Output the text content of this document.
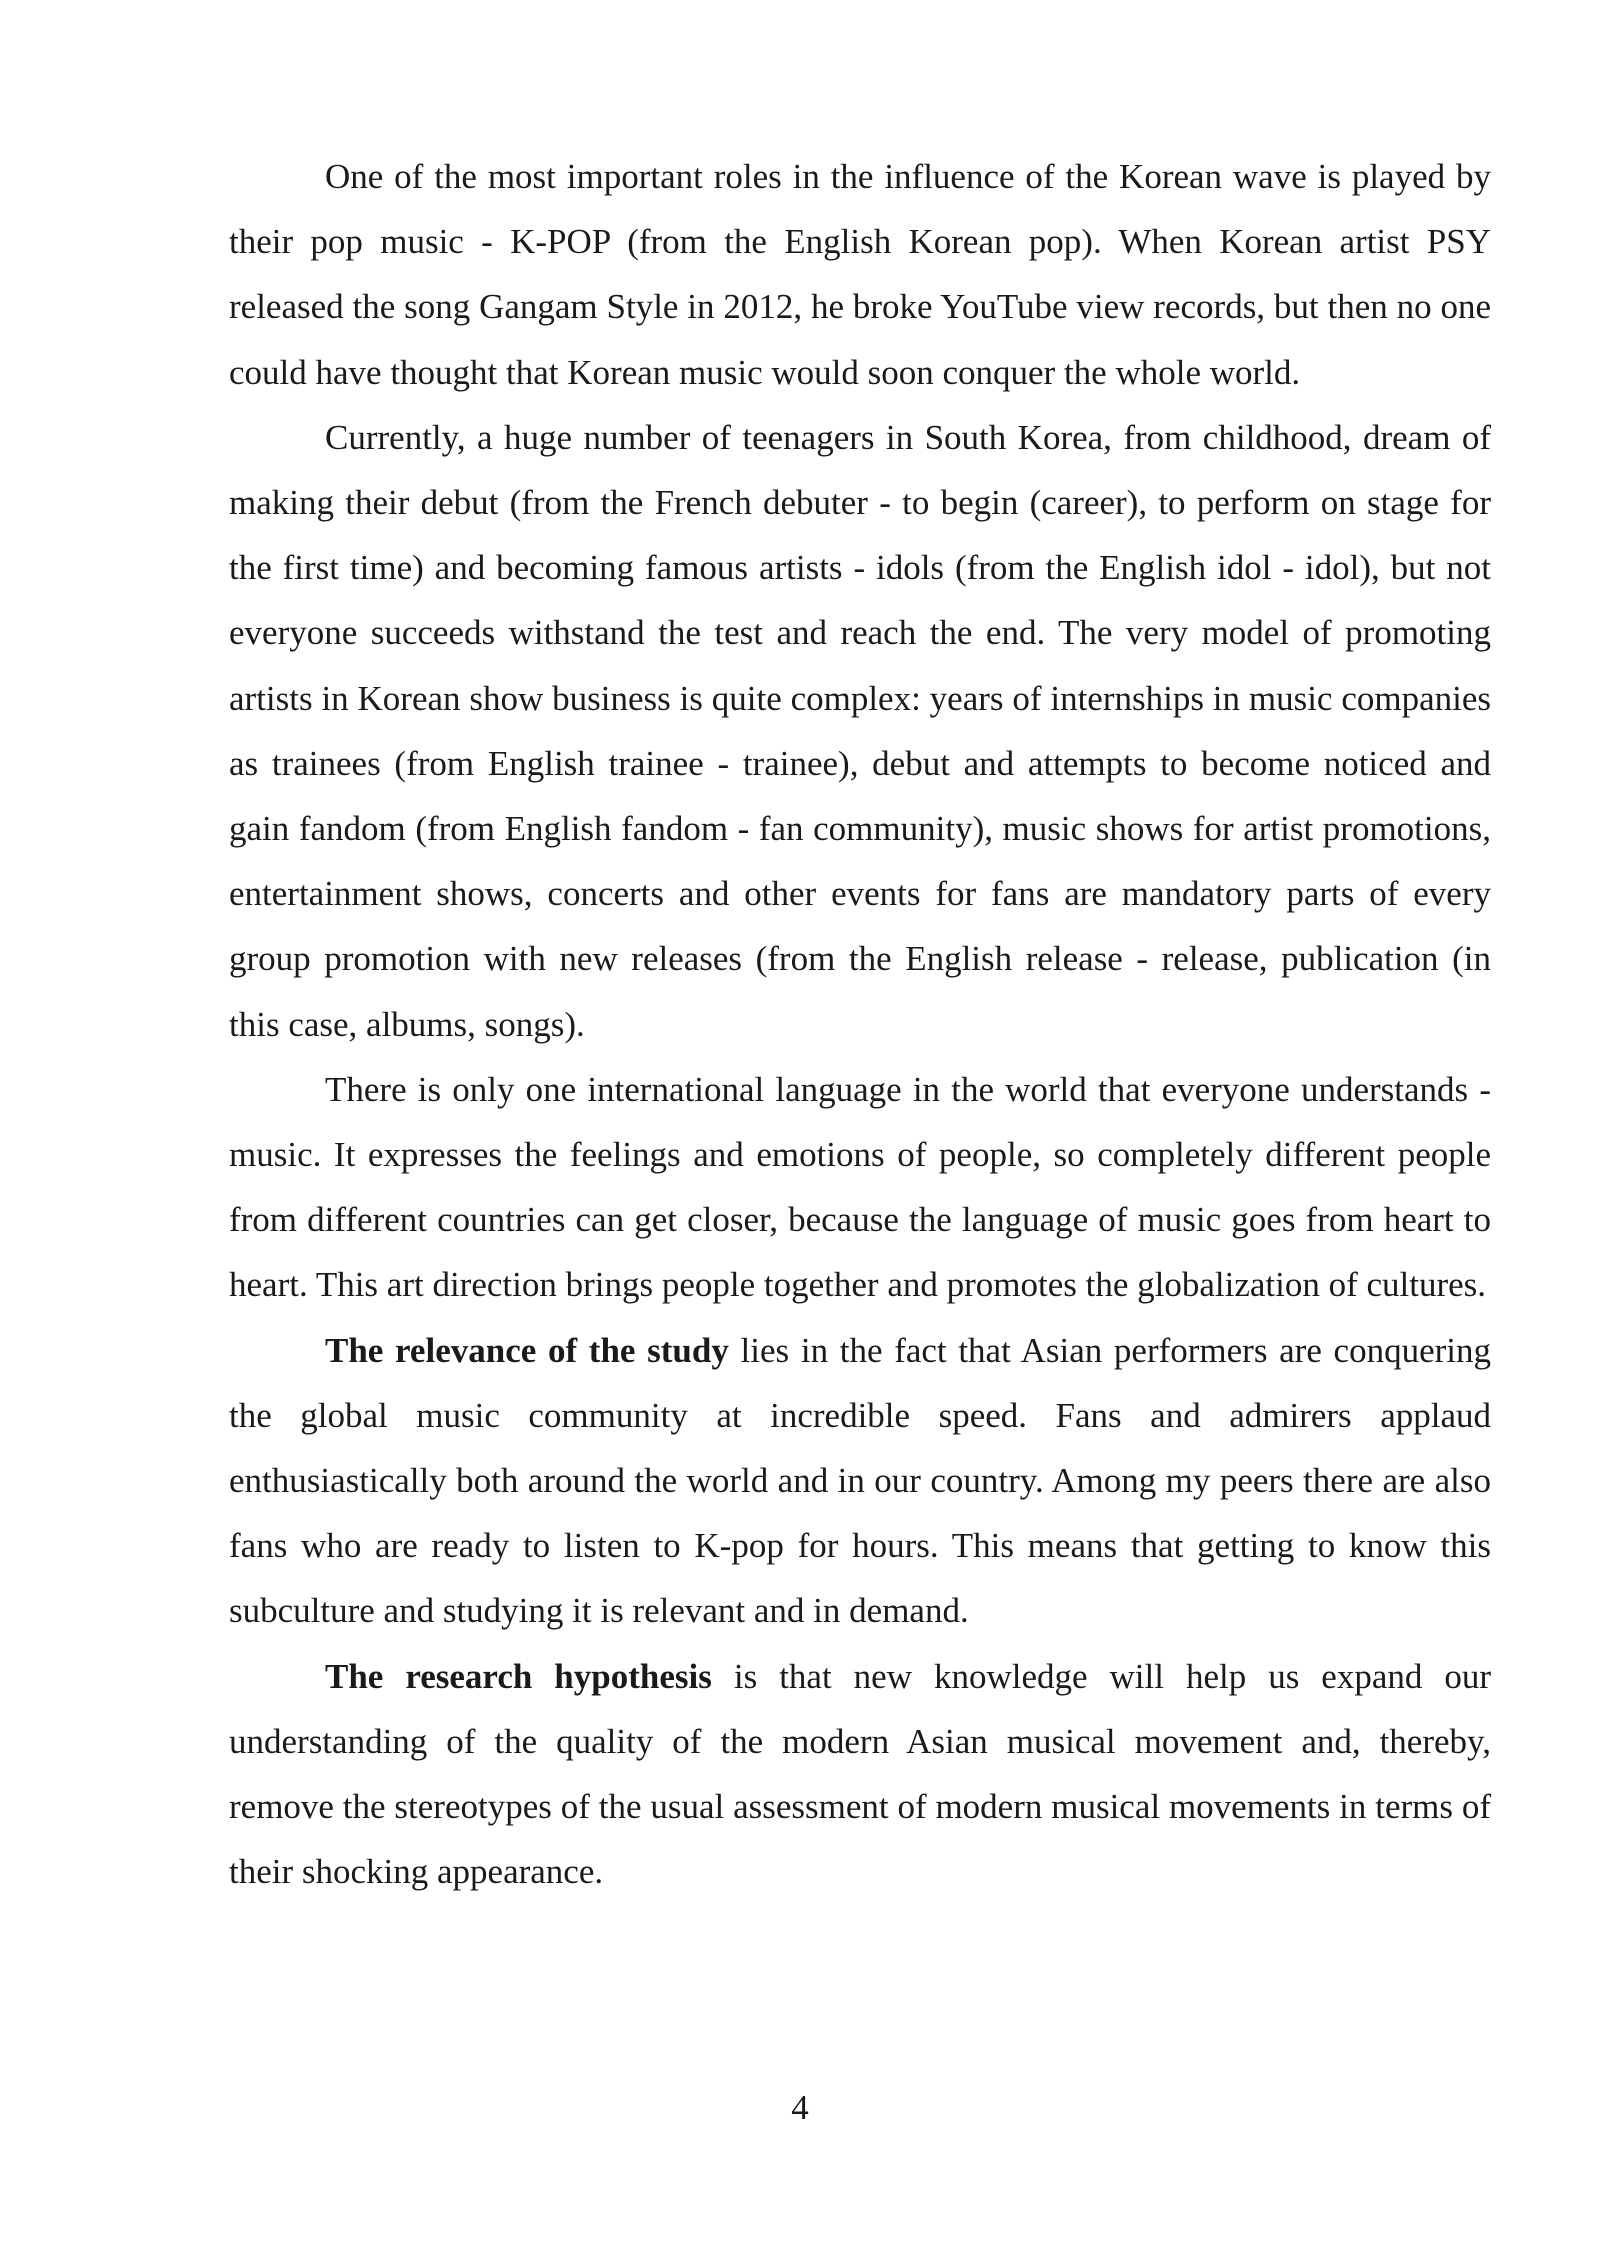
One of the most important roles in the influence of the Korean wave is played by their pop music - K-POP (from the English Korean pop). When Korean artist PSY released the song Gangam Style in 2012, he broke YouTube view records, but then no one could have thought that Korean music would soon conquer the whole world.

Currently, a huge number of teenagers in South Korea, from childhood, dream of making their debut (from the French debuter - to begin (career), to perform on stage for the first time) and becoming famous artists - idols (from the English idol - idol), but not everyone succeeds withstand the test and reach the end. The very model of promoting artists in Korean show business is quite complex: years of internships in music companies as trainees (from English trainee - trainee), debut and attempts to become noticed and gain fandom (from English fandom - fan community), music shows for artist promotions, entertainment shows, concerts and other events for fans are mandatory parts of every group promotion with new releases (from the English release - release, publication (in this case, albums, songs).

There is only one international language in the world that everyone understands - music. It expresses the feelings and emotions of people, so completely different people from different countries can get closer, because the language of music goes from heart to heart. This art direction brings people together and promotes the globalization of cultures.

The relevance of the study lies in the fact that Asian performers are conquering the global music community at incredible speed. Fans and admirers applaud enthusiastically both around the world and in our country. Among my peers there are also fans who are ready to listen to K-pop for hours. This means that getting to know this subculture and studying it is relevant and in demand.

The research hypothesis is that new knowledge will help us expand our understanding of the quality of the modern Asian musical movement and, thereby, remove the stereotypes of the usual assessment of modern musical movements in terms of their shocking appearance.

4
